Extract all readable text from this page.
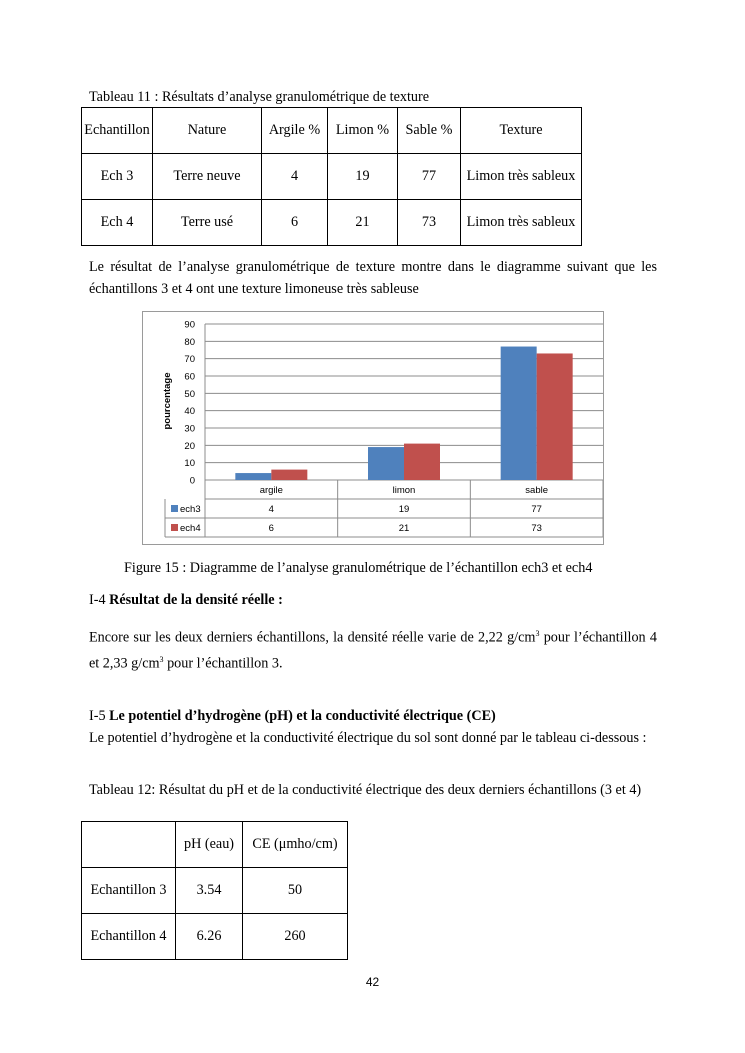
Tableau 11 : Résultats d’analyse granulométrique de texture
Echantillon	Nature	Argile %	Limon %	Sable %	Texture
Ech 3	Terre neuve	4	19	77	Limon très sableux
Ech 4	Terre usé	6	21	73	Limon très sableux
Le résultat de l’analyse granulométrique de texture montre dans le diagramme suivant que les échantillons 3 et 4 ont une texture limoneuse très sableuse
0
10
20
30
40
50
60
70
80
90
argile	limon	sable
4	19	77
ech3
6	21	73
ech4
pourcentage
Figure 15 : Diagramme de l’analyse granulométrique de l’échantillon ech3 et ech4
I-4 Résultat de la densité réelle :
Encore sur les deux derniers échantillons, la densité réelle varie de 2,22 $g/cm^3$ pour l’échantillon 4 et 2,33 $g/cm^3$ pour l’échantillon 3.
I-5 Le potentiel d’hydrogène (pH) et la conductivité électrique (CE)
Le potentiel d’hydrogène et la conductivité électrique du sol sont donné par le tableau ci-dessous :
Tableau 12: Résultat du pH et de la conductivité électrique des deux derniers échantillons (3 et 4)
	pH (eau)	CE (μmho/cm)
Echantillon 3	3.54	50
Echantillon 4	6.26	260
42
